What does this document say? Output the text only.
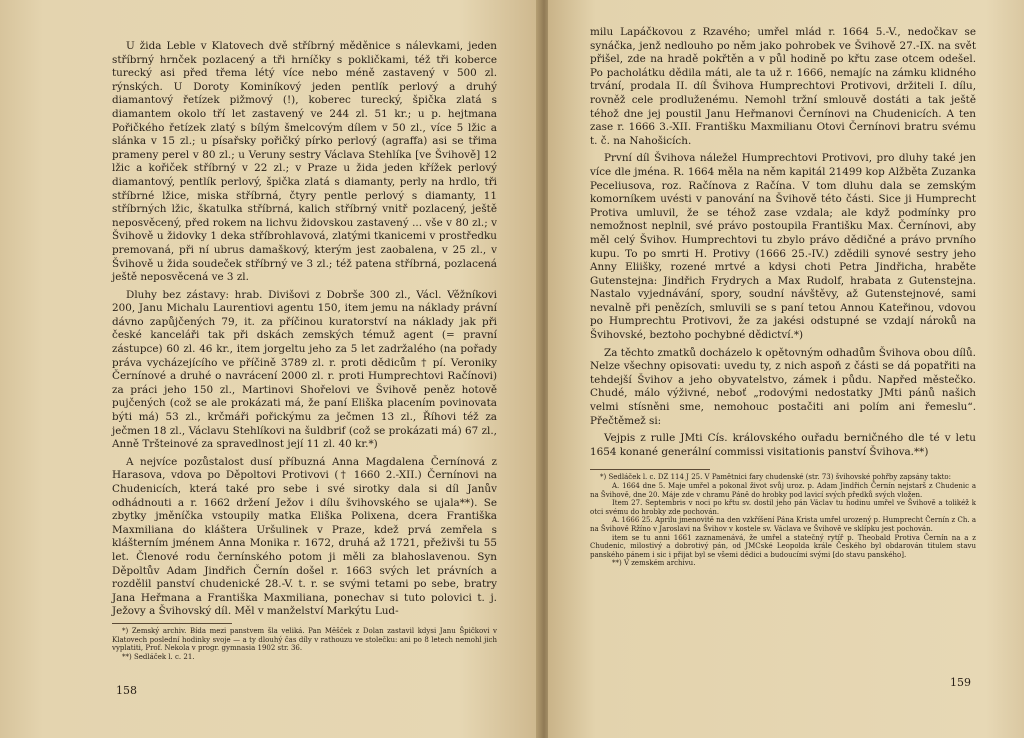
U žida Leble v Klatovech dvě stříbrný měděnice s nálevkami, jeden stříbrný hrnček pozlacený a tři hrníčky s pokličkami, též tři koberce turecký asi před třema létý více nebo méně zastavený v 500 zl. rýnských. U Doroty Kominíkový jeden pentlík perlový a druhý diamantový řetízek pižmový (!), koberec turecký, špička zlatá s diamantem okolo tří let zastavený ve 244 zl. 51 kr.; u p. hejtmana Pořičkého řetízek zlatý s bílým šmelcovým dílem v 50 zl., více 5 lžic a slánka v 15 zl.; u písařsky pořičký pírko perlový (agraffa) asi se třima prameny perel v 80 zl.; u Veruny sestry Václava Stehlíka [ve Švihově] 12 lžic a kořiček stříbrný v 22 zl.; v Praze u žida jeden křížek perlový diamantový, pentlík perlový, špička zlatá s diamanty, perly na hrdlo, tři stříbrné lžice, miska stříbrná, čtyry pentle perlový s diamanty, 11 stříbrných lžic, škatulka stříbrná, kalich stříbrný vnitř pozlacený, ještě neposvěcený, před rokem na lichvu židovskou zastavený ... vše v 80 zl.; v Švihově u židovky 1 deka stříbrohlavová, zlatými tkanicemi v prostředku premovaná, při ní ubrus damaškový, kterým jest zaobalena, v 25 zl., v Švihově u žida soudeček stříbrný ve 3 zl.; též patena stříbrná, pozlacená ještě neposvěcená ve 3 zl.

Dluhy bez zástavy: hrab. Divišovi z Dobrše 300 zl., Václ. Věžníkovi 200, Janu Michalu Laurentiovi agentu 150, item jemu na náklady právní dávno zapůjčených 79, it. za příčinou kuratorství na náklady jak při české kanceláři tak při dskách zemských témuž agent (= pravní zástupce) 60 zl. 46 kr., item jorgeltu jeho za 5 let zadržalého (na pořady práva vycházejícího ve příčině 3789 zl. r. proti dědicům † pí. Veroniky Černínové a druhé o navrácení 2000 zl. r. proti Humprechtovi Račínovi) za práci jeho 150 zl., Martinovi Shořelovi ve Švihově peněz hotově pujčených (což se ale prokázati má, že paní Eliška placením povinovata býti má) 53 zl., krčmáři pořickýmu za ječmen 13 zl., Říhovi též za ječmen 18 zl., Václavu Stehlíkovi na šuldbrif (což se prokázati má) 67 zl., Anně Tršteinové za spravedlnost její 11 zl. 40 kr.*)

A nejvíce pozůstalost dusí příbuzná Anna Magdalena Černínová z Harasova, vdova po Děpoltovi Protivovi († 1660 2.-XII.) Černínovi na Chudenicích, která také pro sebe i své sirotky dala si díl Janův odhádnouti a r. 1662 držení Ježov i dílu švihovského se ujala**). Se zbytky jměníčka vstoupily matka Eliška Polixena, dcera Františka Maxmiliana do kláštera Uršulinek v Praze, kdež prvá zemřela s klášterním jménem Anna Monika r. 1672, druhá až 1721, přeživši tu 55 let. Členové rodu černínského potom ji měli za blahoslavenou. Syn Děpoltův Adam Jindřich Černín došel r. 1663 svých let právních a rozdělil panství chudenické 28.-V. t. r. se svými tetami po sebe, bratry Jana Heřmana a Františka Maxmiliana, ponechav si tuto polovici t. j. Ježovy a Švihovský díl. Měl v manželství Markýtu Lud-

*) Zemský archiv. Bída mezi panstvem šla veliká. Pan Měšček z Dolan zastavil kdysi Janu Špičkovi v Klatovech poslední hodinky svoje — a ty dlouhý čas díly v rathouzu ve stolečku: ani po 8 letech nemohl jich vyplatiti, Prof. Nekola v progr. gymnasia 1902 str. 36.

**) Sedláček l. c. 21.

158

milu Lapáčkovou z Rzavého; umřel mlád r. 1664 5.-V., nedočkav se synáčka, jenž nedlouho po něm jako pohrobek ve Švihově 27.-IX. na svět přišel, zde na hradě pokřtěn a v půl hodině po křtu zase otcem odešel. Po pacholátku dědila máti, ale ta už r. 1666, nemajíc na zámku klidného trvání, prodala II. díl Švihova Humprechtovi Protivovi, držiteli I. dílu, rovněž cele prodluženému. Nemohl tržní smlouvě dostáti a tak ještě téhož dne jej poustil Janu Heřmanovi Černínovi na Chudenicích. A ten zase r. 1666 3.-XII. Františku Maxmilianu Otovi Černínovi bratru svému t. č. na Nahošicích.

První díl Švihova náležel Humprechtovi Protivovi, pro dluhy také jen více dle jména. R. 1664 měla na něm kapitál 21499 kop Alžběta Zuzanka Peceliusova, roz. Račínova z Račína. V tom dluhu dala se zemským komorníkem uvésti v panování na Švihově této části. Sice ji Humprecht Protiva umluvil, že se téhož zase vzdala; ale když podmínky pro nemožnost neplnil, své právo postoupila Františku Max. Černínovi, aby měl celý Švihov. Humprechtovi tu zbylo právo dědičné a právo prvního kupu. To po smrti H. Protivy (1666 25.-IV.) zdědili synové sestry jeho Anny Eliišky, rozené mrtvé a kdysi choti Petra Jindřicha, hraběte Gutenstejna: Jindřich Frydrych a Max Rudolf, hrabata z Gutenstejna. Nastalo vyjednávání, spory, soudní návštěvy, až Gutenstejnové, sami nevalně při penězích, smluvili se s paní tetou Annou Kateřinou, vdovou po Humprechtu Protivovi, že za jakési odstupné se vzdají nároků na Švihovské, beztoho pochybné dědictví.*)

Za těchto zmatků docházelo k opětovným odhadům Švihova obou dílů. Nelze všechny opisovati: uvedu ty, z nich aspoň z části se dá popatřiti na tehdejší Švihov a jeho obyvatelstvo, zámek i půdu. Napřed městečko. Chudé, málo výživné, neboť „rodovými nedostatky JMti pánů našich velmi stísněni sme, nemohouc postačiti ani polím ani řemeslu“. Přečtěmež si:

Vejpis z rulle JMti Cís. královského ouřadu berničného dle té v letu 1654 konané generální commissi visitationis panství Švihova.**)

*) Sedláček l. c. DZ 114 J 25. V Pamětnici fary chudenské (str. 73) švihovské pohřby zapsány takto:

A. 1664 dne 5. Maje umřel a pokonal život svůj uroz. p. Adam Jindřich Černín nejstarš z Chudenic a na Švihově, dne 20. Máje zde v chramu Páně do hrobky pod lavicí svých předků svých vložen.

Item 27. Septembris v noci po křtu sv. dostil jeho pán Václav tu hodinu umřel ve Švihově a tolikéž k otci svému do hrobky zde pochován.

A. 1666 25. Aprilu jmenovitě na den vzkříšení Pána Krista umřel urozený p. Humprecht Černín z Ch. a na Švihově Ržíno v Jaroslavi na Švihov v kostele sv. Václava ve Švihově ve sklípku jest pochován.

item se tu anni 1661 zaznamenává, že umřel a statečný rytíř p. Theobald Protiva Černín na a z Chudenic, milostivý a dobrotivý pán, od JMCské Leopolda krále Českého byl obdarován titulem stavu panského pánem i sic i přijat byl se všemi dědici a budoucími svými [do stavu panského].

**) V zemském archivu.

159
